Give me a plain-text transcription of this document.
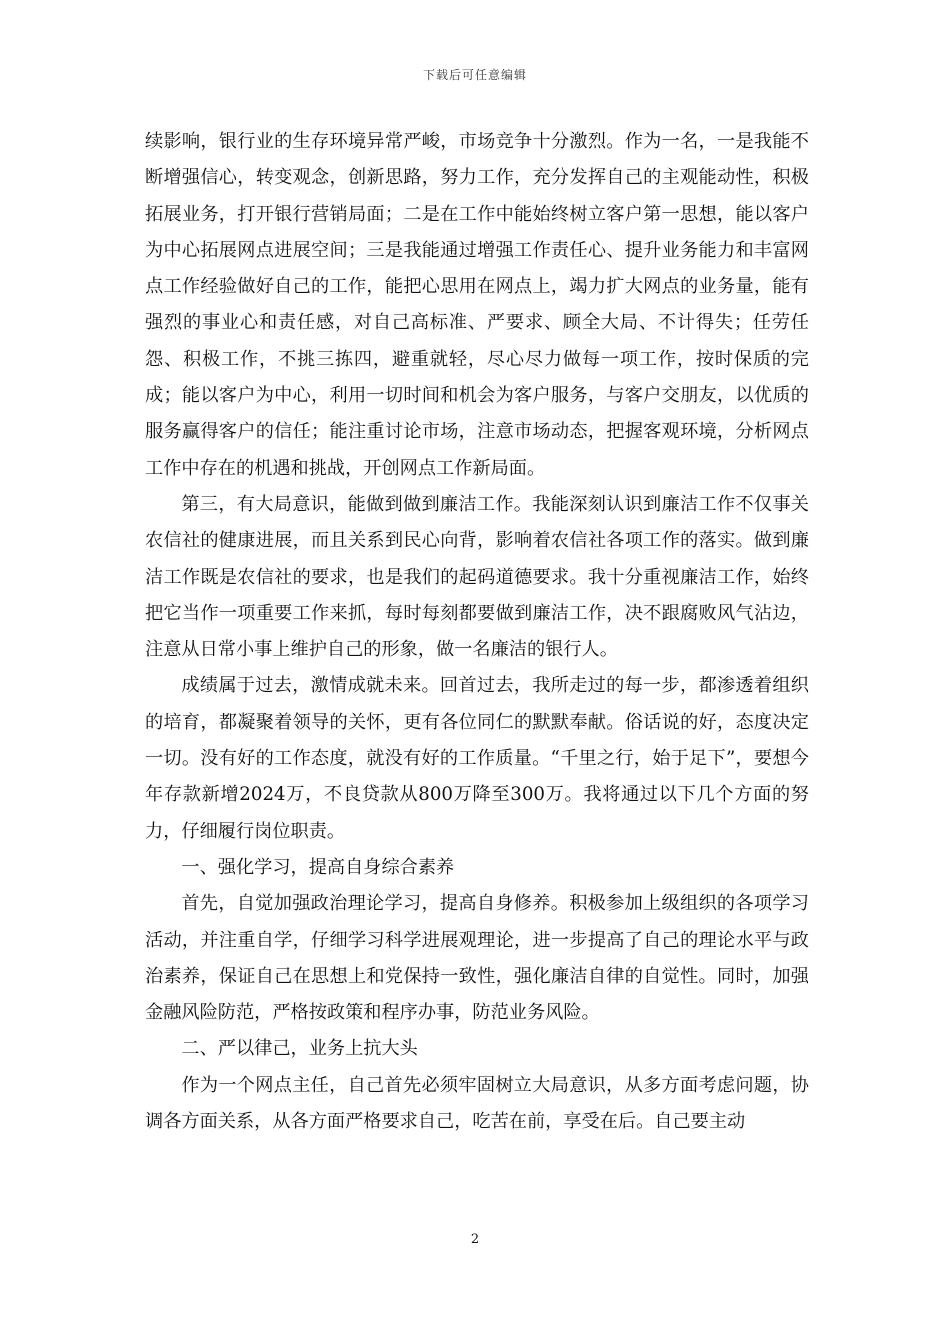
下载后可任意编辑

续影响，银行业的生存环境异常严峻，市场竞争十分激烈。作为一名，一是我能不断增强信心，转变观念，创新思路，努力工作，充分发挥自己的主观能动性，积极拓展业务，打开银行营销局面；二是在工作中能始终树立客户第一思想，能以客户为中心拓展网点进展空间；三是我能通过增强工作责任心、提升业务能力和丰富网点工作经验做好自己的工作，能把心思用在网点上，竭力扩大网点的业务量，能有强烈的事业心和责任感，对自己高标准、严要求、顾全大局、不计得失；任劳任怨、积极工作，不挑三拣四，避重就轻，尽心尽力做每一项工作，按时保质的完成；能以客户为中心，利用一切时间和机会为客户服务，与客户交朋友，以优质的服务赢得客户的信任；能注重讨论市场，注意市场动态，把握客观环境，分析网点工作中存在的机遇和挑战，开创网点工作新局面。

第三，有大局意识，能做到做到廉洁工作。我能深刻认识到廉洁工作不仅事关农信社的健康进展，而且关系到民心向背，影响着农信社各项工作的落实。做到廉洁工作既是农信社的要求，也是我们的起码道德要求。我十分重视廉洁工作，始终把它当作一项重要工作来抓，每时每刻都要做到廉洁工作，决不跟腐败风气沾边，注意从日常小事上维护自己的形象，做一名廉洁的银行人。

成绩属于过去，激情成就未来。回首过去，我所走过的每一步，都渗透着组织的培育，都凝聚着领导的关怀，更有各位同仁的默默奉献。俗话说的好，态度决定一切。没有好的工作态度，就没有好的工作质量。“千里之行，始于足下”，要想今年存款新增2024万，不良贷款从800万降至300万。我将通过以下几个方面的努力，仔细履行岗位职责。

一、强化学习，提高自身综合素养

首先，自觉加强政治理论学习，提高自身修养。积极参加上级组织的各项学习活动，并注重自学，仔细学习科学进展观理论，进一步提高了自己的理论水平与政治素养，保证自己在思想上和党保持一致性，强化廉洁自律的自觉性。同时，加强金融风险防范，严格按政策和程序办事，防范业务风险。

二、严以律己，业务上抗大头

作为一个网点主任，自己首先必须牢固树立大局意识，从多方面考虑问题，协调各方面关系，从各方面严格要求自己，吃苦在前，享受在后。自己要主动

2
